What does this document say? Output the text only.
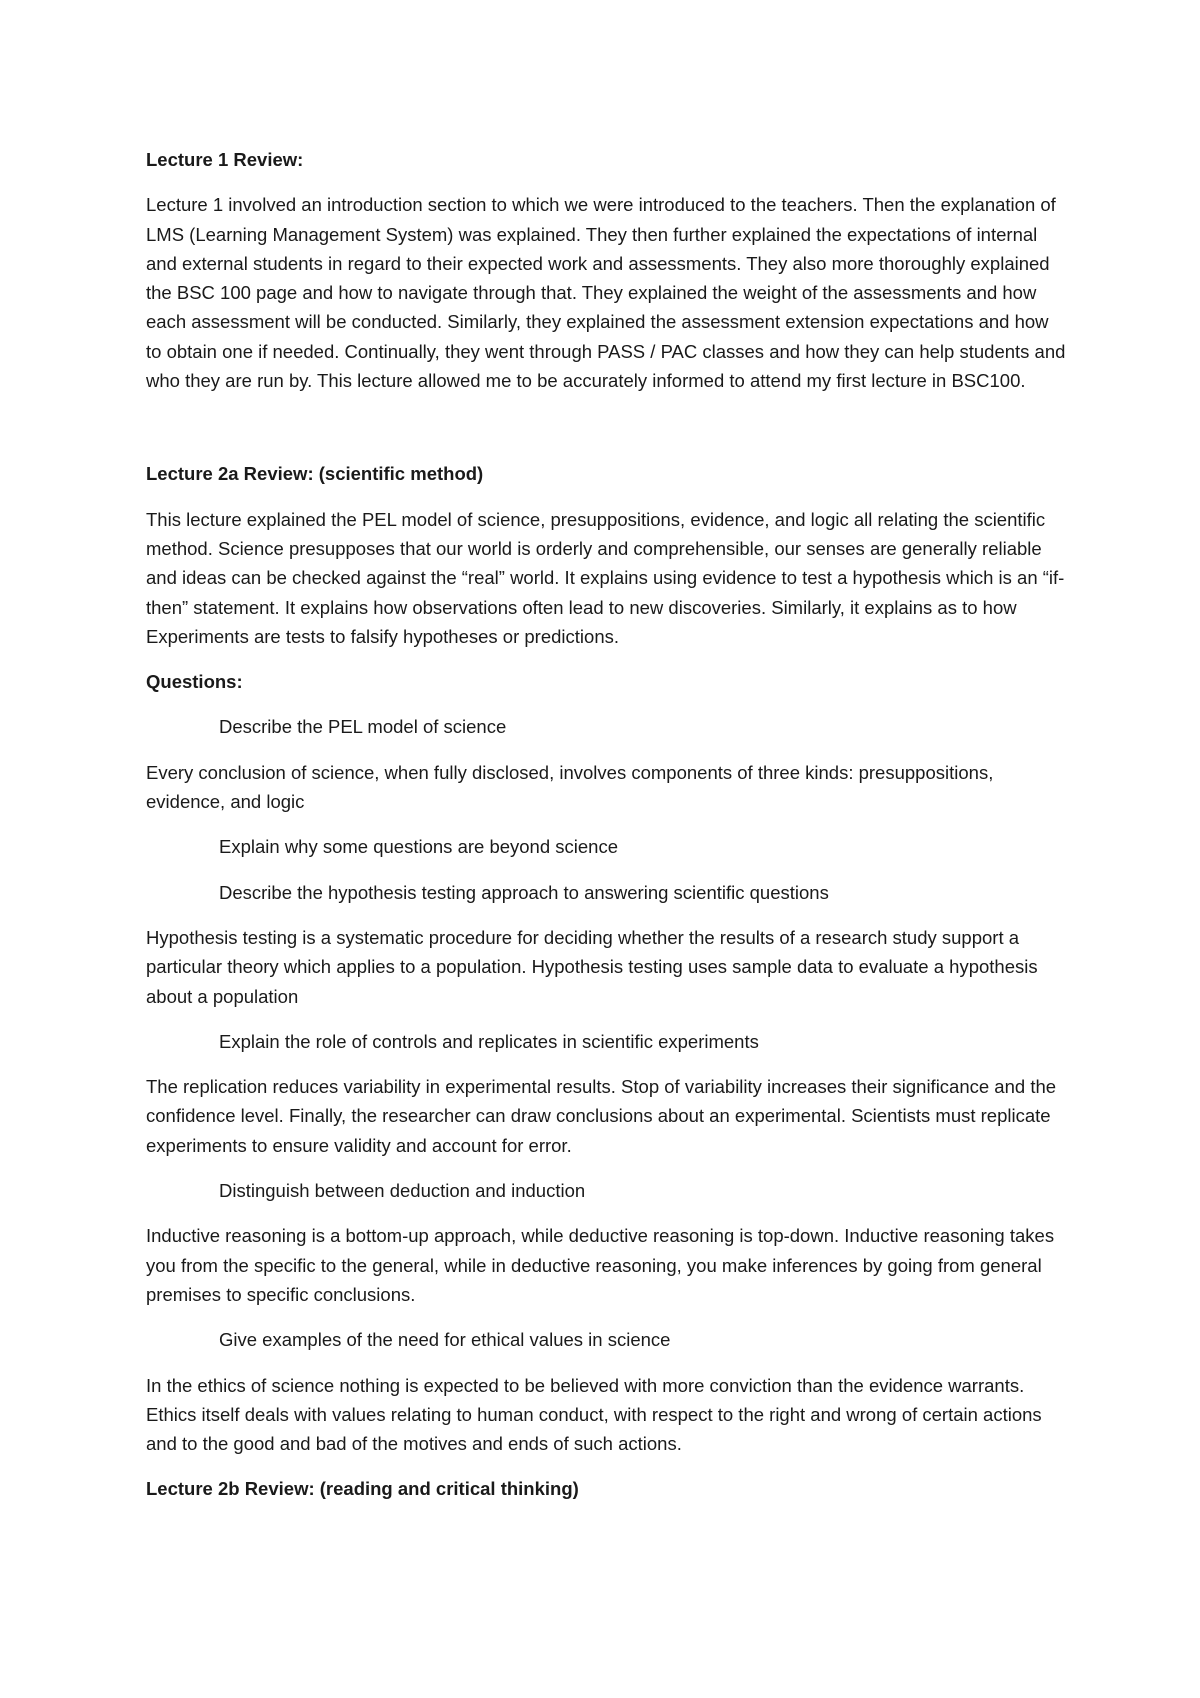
Lecture 1 Review:

Lecture 1 involved an introduction section to which we were introduced to the teachers. Then the explanation of LMS (Learning Management System) was explained. They then further explained the expectations of internal and external students in regard to their expected work and assessments. They also more thoroughly explained the BSC 100 page and how to navigate through that. They explained the weight of the assessments and how each assessment will be conducted. Similarly, they explained the assessment extension expectations and how to obtain one if needed. Continually, they went through PASS / PAC classes and how they can help students and who they are run by. This lecture allowed me to be accurately informed to attend my first lecture in BSC100.

Lecture 2a Review: (scientific method)

This lecture explained the PEL model of science, presuppositions, evidence, and logic all relating the scientific method. Science presupposes that our world is orderly and comprehensible, our senses are generally reliable and ideas can be checked against the “real” world. It explains using evidence to test a hypothesis which is an “if-then” statement. It explains how observations often lead to new discoveries. Similarly, it explains as to how Experiments are tests to falsify hypotheses or predictions.

Questions:

Describe the PEL model of science

Every conclusion of science, when fully disclosed, involves components of three kinds: presuppositions, evidence, and logic

Explain why some questions are beyond science

Describe the hypothesis testing approach to answering scientific questions

Hypothesis testing is a systematic procedure for deciding whether the results of a research study support a particular theory which applies to a population. Hypothesis testing uses sample data to evaluate a hypothesis about a population

Explain the role of controls and replicates in scientific experiments

The replication reduces variability in experimental results. Stop of variability increases their significance and the confidence level. Finally, the researcher can draw conclusions about an experimental. Scientists must replicate experiments to ensure validity and account for error.

Distinguish between deduction and induction

Inductive reasoning is a bottom-up approach, while deductive reasoning is top-down. Inductive reasoning takes you from the specific to the general, while in deductive reasoning, you make inferences by going from general premises to specific conclusions.

Give examples of the need for ethical values in science

In the ethics of science nothing is expected to be believed with more conviction than the evidence warrants. Ethics itself deals with values relating to human conduct, with respect to the right and wrong of certain actions and to the good and bad of the motives and ends of such actions.

Lecture 2b Review: (reading and critical thinking)
